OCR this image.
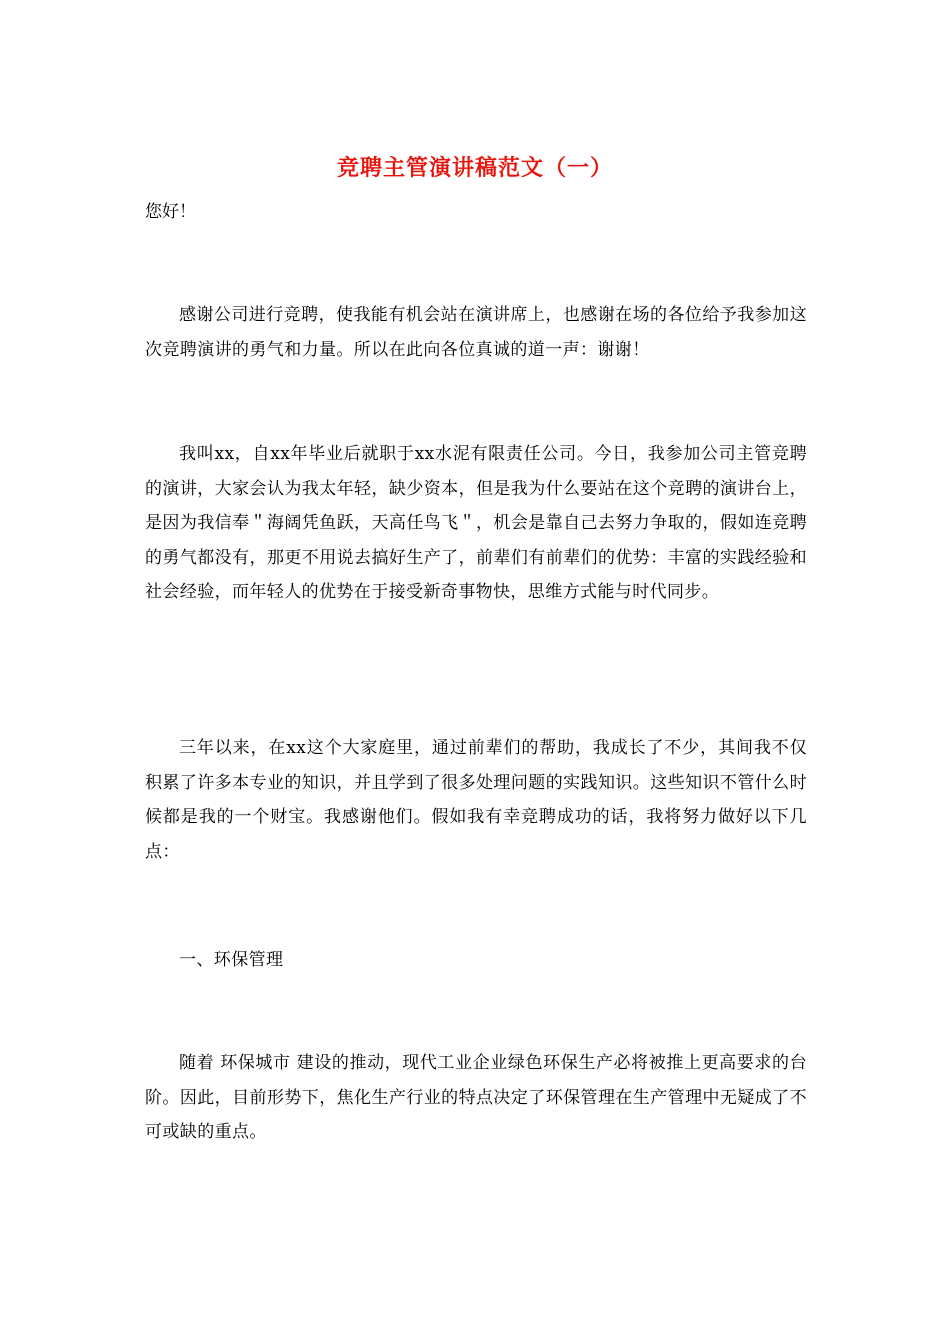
竞聘主管演讲稿范文（一）
您好！

感谢公司进行竞聘，使我能有机会站在演讲席上，也感谢在场的各位给予我参加这次竞聘演讲的勇气和力量。所以在此向各位真诚的道一声：谢谢！

我叫xx，自xx年毕业后就职于xx水泥有限责任公司。今日，我参加公司主管竞聘的演讲，大家会认为我太年轻，缺少资本，但是我为什么要站在这个竞聘的演讲台上，是因为我信奉＂海阔凭鱼跃，天高任鸟飞＂，机会是靠自己去努力争取的，假如连竞聘的勇气都没有，那更不用说去搞好生产了，前辈们有前辈们的优势：丰富的实践经验和社会经验，而年轻人的优势在于接受新奇事物快，思维方式能与时代同步。

三年以来，在xx这个大家庭里，通过前辈们的帮助，我成长了不少，其间我不仅积累了许多本专业的知识，并且学到了很多处理问题的实践知识。这些知识不管什么时候都是我的一个财宝。我感谢他们。假如我有幸竞聘成功的话，我将努力做好以下几点：

一、环保管理

随着 环保城市 建设的推动，现代工业企业绿色环保生产必将被推上更高要求的台阶。因此，目前形势下，焦化生产行业的特点决定了环保管理在生产管理中无疑成了不可或缺的重点。
